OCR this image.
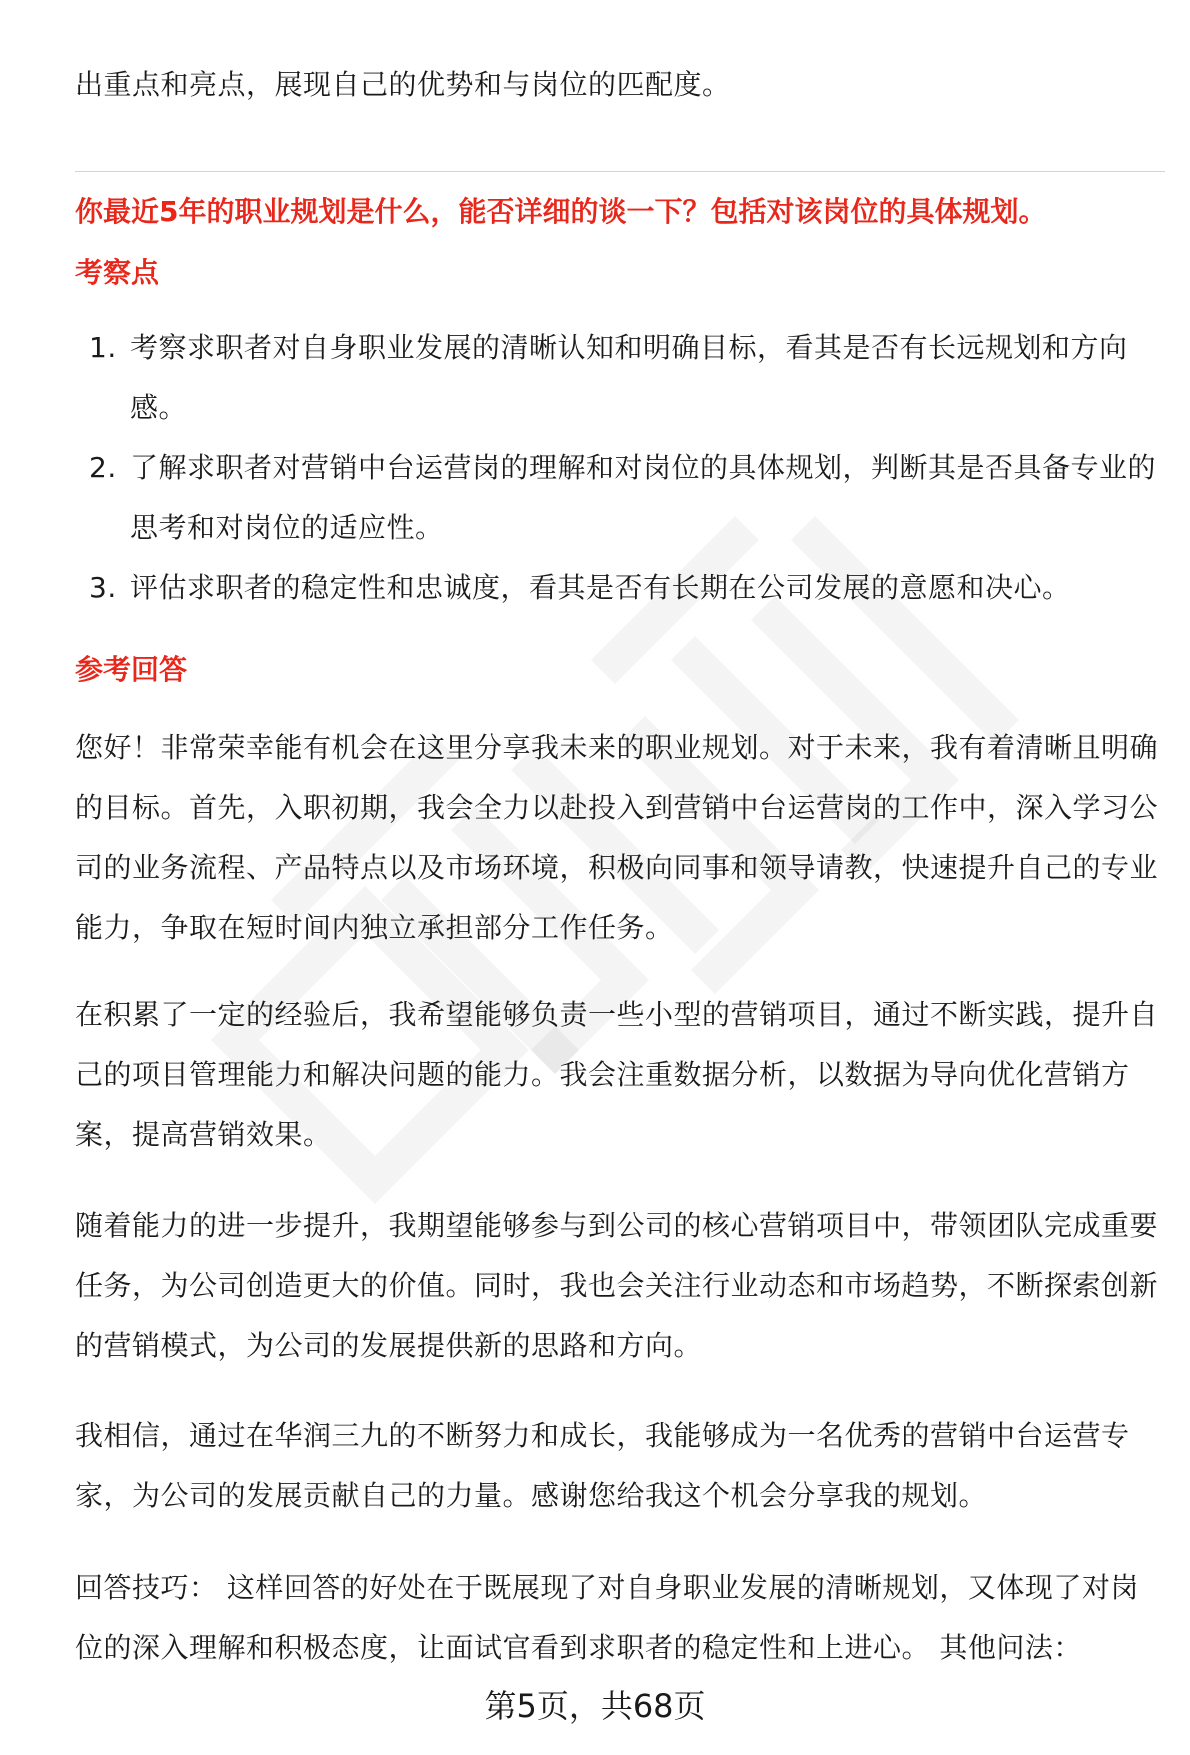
出重点和亮点，展现自己的优势和与岗位的匹配度。
你最近5年的职业规划是什么，能否详细的谈一下？包括对该岗位的具体规划。
考察点
1. 考察求职者对自身职业发展的清晰认知和明确目标，看其是否有长远规划和方向感。
2. 了解求职者对营销中台运营岗的理解和对岗位的具体规划，判断其是否具备专业的思考和对岗位的适应性。
3. 评估求职者的稳定性和忠诚度，看其是否有长期在公司发展的意愿和决心。
参考回答
您好！非常荣幸能有机会在这里分享我未来的职业规划。对于未来，我有着清晰且明确的目标。首先，入职初期，我会全力以赴投入到营销中台运营岗的工作中，深入学习公司的业务流程、产品特点以及市场环境，积极向同事和领导请教，快速提升自己的专业能力，争取在短时间内独立承担部分工作任务。
在积累了一定的经验后，我希望能够负责一些小型的营销项目，通过不断实践，提升自己的项目管理能力和解决问题的能力。我会注重数据分析，以数据为导向优化营销方案，提高营销效果。
随着能力的进一步提升，我期望能够参与到公司的核心营销项目中，带领团队完成重要任务，为公司创造更大的价值。同时，我也会关注行业动态和市场趋势，不断探索创新的营销模式，为公司的发展提供新的思路和方向。
我相信，通过在华润三九的不断努力和成长，我能够成为一名优秀的营销中台运营专家，为公司的发展贡献自己的力量。感谢您给我这个机会分享我的规划。
回答技巧： 这样回答的好处在于既展现了对自身职业发展的清晰规划，又体现了对岗位的深入理解和积极态度，让面试官看到求职者的稳定性和上进心。 其他问法：
第5页，共68页
